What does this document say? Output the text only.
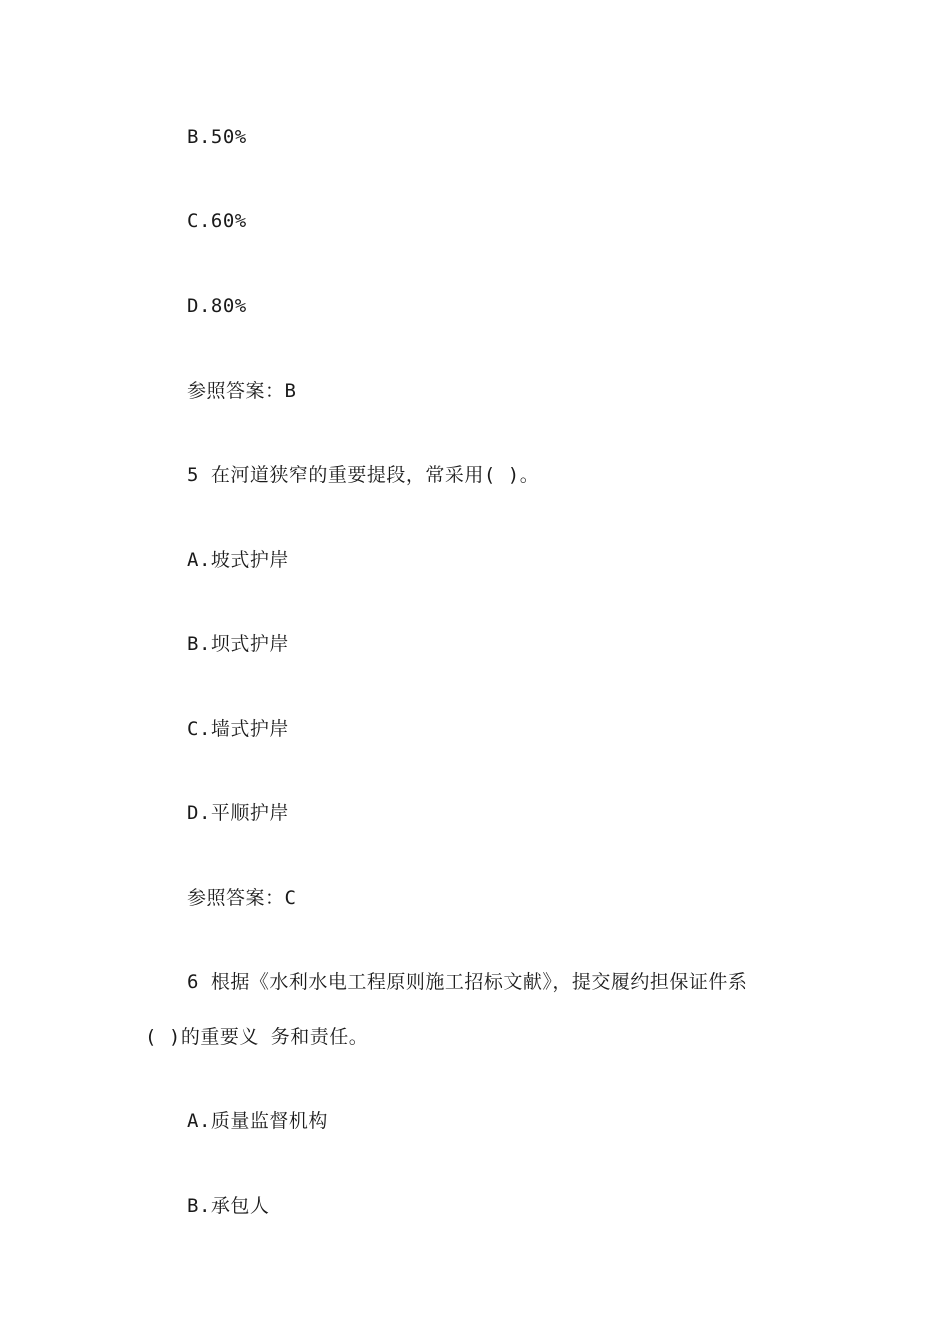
B.50%
C.60%
D.80%
参照答案：B
5 在河道狭窄的重要提段，常采用( )。
A.坡式护岸
B.坝式护岸
C.墙式护岸
D.平顺护岸
参照答案：C
6 根据《水利水电工程原则施工招标文献》，提交履约担保证件系
( )的重要义 务和责任。
A.质量监督机构
B.承包人
